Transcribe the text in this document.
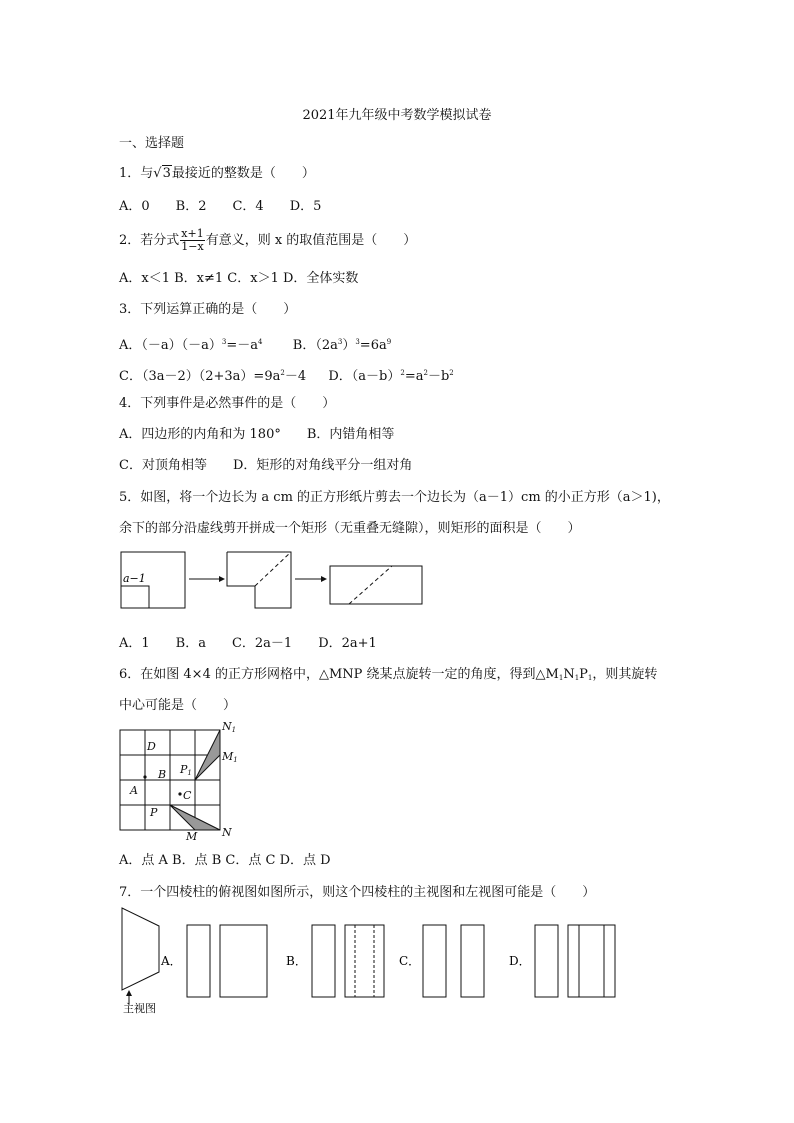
2021年九年级中考数学模拟试卷
一、选择题
1．与√3最接近的整数是（　　）
A．0　　B．2　　C．4　　D．5
2．若分式 $\frac{x+1}{1-x}$ 有意义，则 x 的取值范围是（　　）
A．x＜1 B．x≠1 C．x＞1 D．全体实数
3．下列运算正确的是（　　）
A．$(-a)(-a)^3=-a^4$ B．$(2a^3)^3=6a^9$
C．$(3a-2)(2+3a)=9a^2-4$ D．$(a-b)^2=a^2-b^2$
4．下列事件是必然事件的是（　　）
A．四边形的内角和为 180°　　B．内错角相等
C．对顶角相等　　D．矩形的对角线平分一组对角
5．如图，将一个边长为 a cm 的正方形纸片剪去一个边长为（a－1）cm 的小正方形（a＞1)，
余下的部分沿虚线剪开拼成一个矩形（无重叠无缝隙），则矩形的面积是（　　）
a−1
A．1　　B．a　　C．2a－1　　D．2a+1
6．在如图 4×4 的正方形网格中，△MNP 绕某点旋转一定的角度，得到$\triangle M_1N_1P_1$，则其旋转
中心可能是（　　）
D
B
A	C
P
M N
P1
M1
N1
A．点 A B．点 B C．点 C D．点 D
7．一个四棱柱的俯视图如图所示，则这个四棱柱的主视图和左视图可能是（　　）
主视图
A．	B．	C．	D．
